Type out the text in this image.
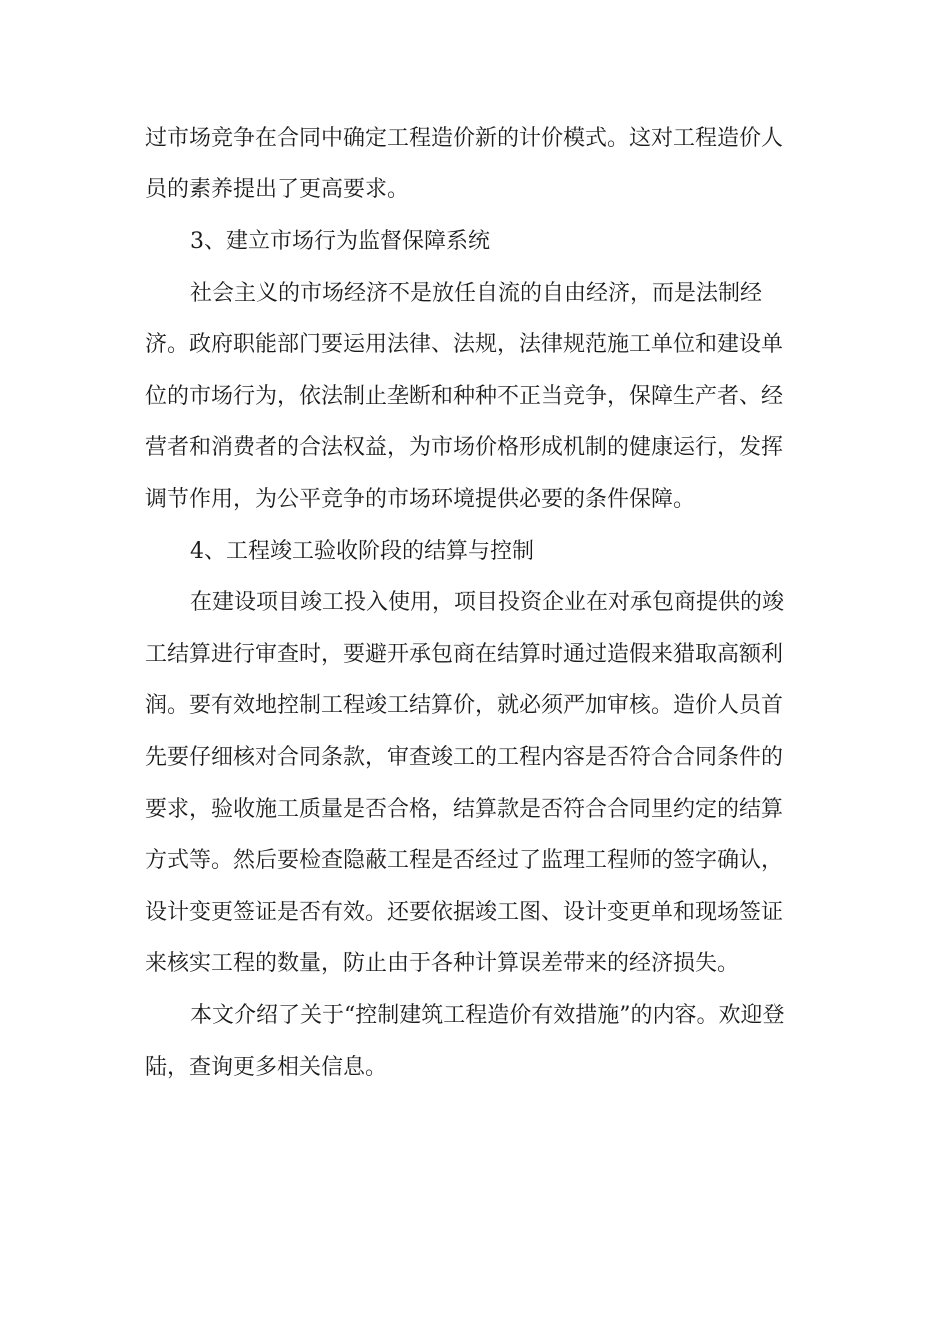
过市场竞争在合同中确定工程造价新的计价模式。这对工程造价人
员的素养提出了更高要求。
3、建立市场行为监督保障系统
社会主义的市场经济不是放任自流的自由经济，而是法制经
济。政府职能部门要运用法律、法规，法律规范施工单位和建设单
位的市场行为，依法制止垄断和种种不正当竞争，保障生产者、经
营者和消费者的合法权益，为市场价格形成机制的健康运行，发挥
调节作用，为公平竞争的市场环境提供必要的条件保障。
4、工程竣工验收阶段的结算与控制
在建设项目竣工投入使用，项目投资企业在对承包商提供的竣
工结算进行审查时，要避开承包商在结算时通过造假来猎取高额利
润。要有效地控制工程竣工结算价，就必须严加审核。造价人员首
先要仔细核对合同条款，审查竣工的工程内容是否符合合同条件的
要求，验收施工质量是否合格，结算款是否符合合同里约定的结算
方式等。然后要检查隐蔽工程是否经过了监理工程师的签字确认，
设计变更签证是否有效。还要依据竣工图、设计变更单和现场签证
来核实工程的数量，防止由于各种计算误差带来的经济损失。
本文介绍了关于“控制建筑工程造价有效措施”的内容。欢迎登
陆，查询更多相关信息。
